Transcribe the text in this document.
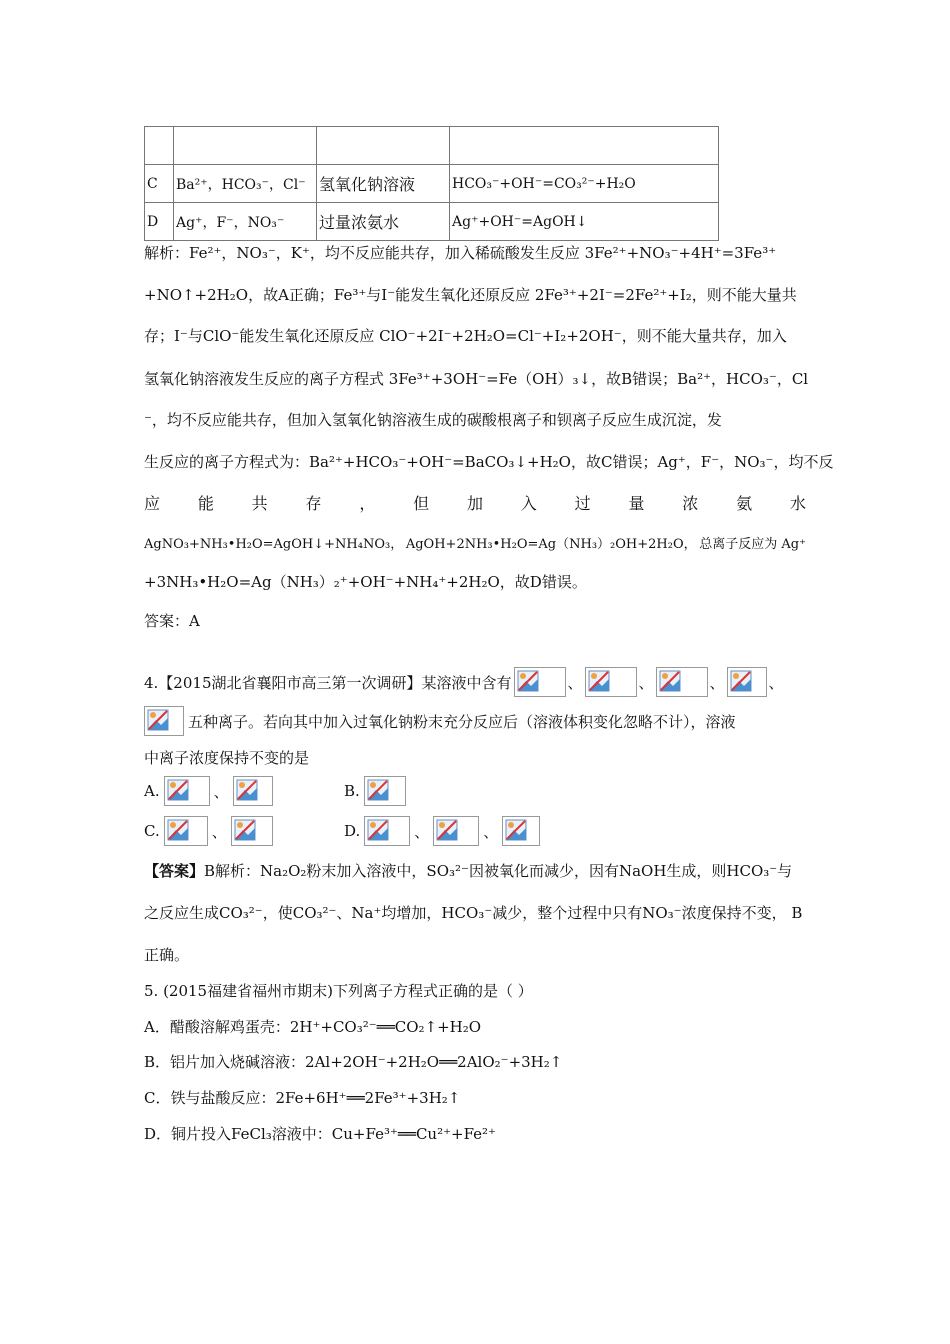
C	Ba²⁺，HCO₃⁻，Cl⁻	氢氧化钠溶液	HCO₃⁻+OH⁻=CO₃²⁻+H₂O
D	Ag⁺，F⁻，NO₃⁻	过量浓氨水	Ag⁺+OH⁻=AgOH↓
解析：Fe²⁺，NO₃⁻，K⁺，均不反应能共存，加入稀硫酸发生反应 3Fe²⁺+NO₃⁻+4H⁺=3Fe³⁺
+NO↑+2H₂O，故A正确；Fe³⁺与I⁻能发生氧化还原反应 2Fe³⁺+2I⁻=2Fe²⁺+I₂，则不能大量共
存；I⁻与ClO⁻能发生氧化还原反应 ClO⁻+2I⁻+2H₂O=Cl⁻+I₂+2OH⁻，则不能大量共存，加入
氢氧化钠溶液发生反应的离子方程式 3Fe³⁺+3OH⁻=Fe（OH）₃↓，故B错误；Ba²⁺，HCO₃⁻，Cl
⁻，均不反应能共存，但加入氢氧化钠溶液生成的碳酸根离子和钡离子反应生成沉淀，发
生反应的离子方程式为：Ba²⁺+HCO₃⁻+OH⁻=BaCO₃↓+H₂O，故C错误；Ag⁺，F⁻，NO₃⁻，均不反
应 能 共 存 ， 但 加 入 过 量 浓 氨 水
AgNO₃+NH₃•H₂O=AgOH↓+NH₄NO₃， AgOH+2NH₃•H₂O=Ag（NH₃）₂OH+2H₂O， 总离子反应为 Ag⁺
+3NH₃•H₂O=Ag（NH₃）₂⁺+OH⁻+NH₄⁺+2H₂O，故D错误。
答案：A
4.【2015湖北省襄阳市高三第一次调研】某溶液中含有	、	、	、	、
五种离子。若向其中加入过氧化钠粉末充分反应后（溶液体积变化忽略不计），溶液
中离子浓度保持不变的是
A.	、	B.
C.	、	D.	、	、
【答案】B解析：Na₂O₂粉末加入溶液中，SO₃²⁻因被氧化而减少，因有NaOH生成，则HCO₃⁻与
之反应生成CO₃²⁻，使CO₃²⁻、Na⁺均增加，HCO₃⁻减少，整个过程中只有NO₃⁻浓度保持不变， B
正确。
5. (2015福建省福州市期末)下列离子方程式正确的是（ ）
A．醋酸溶解鸡蛋壳：2H⁺+CO₃²⁻══CO₂↑+H₂O
B．铝片加入烧碱溶液：2Al+2OH⁻+2H₂O══2AlO₂⁻+3H₂↑
C．铁与盐酸反应：2Fe+6H⁺══2Fe³⁺+3H₂↑
D．铜片投入FeCl₃溶液中：Cu+Fe³⁺══Cu²⁺+Fe²⁺
